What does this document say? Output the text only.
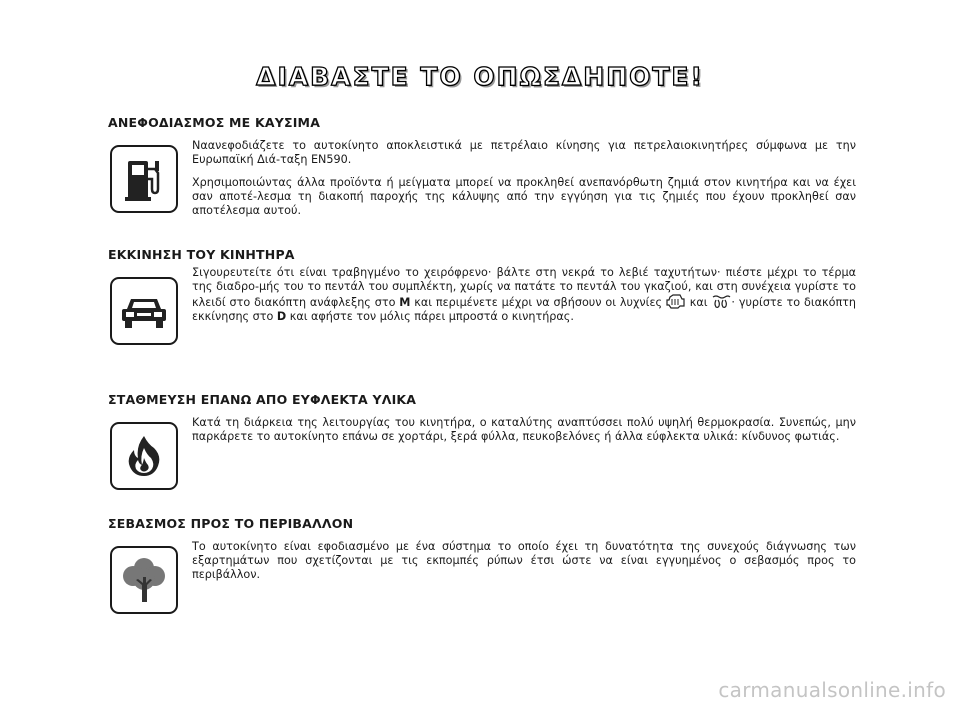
ΔΙΑΒΑΣΤΕ ΤΟ ΟΠΩΣΔΗΠΟΤΕ!
ΑΝΕΦΟΔΙΑΣΜΟΣ ΜΕ ΚΑΥΣΙΜΑ

Ναανεφοδιάζετε το αυτοκίνητο αποκλειστικά με πετρέλαιο κίνησης για πετρελαιοκινητήρες σύμφωνα με την Ευρωπαϊκή Διά-ταξη EN590.

Χρησιμοποιώντας άλλα προϊόντα ή μείγματα μπορεί να προκληθεί ανεπανόρθωτη ζημιά στον κινητήρα και να έχει σαν αποτέ-λεσμα τη διακοπή παροχής της κάλυψης από την εγγύηση για τις ζημιές που έχουν προκληθεί σαν αποτέλεσμα αυτού.

ΕΚΚΙΝΗΣΗ ΤΟΥ ΚΙΝΗΤΗΡΑ

Σιγουρευτείτε ότι είναι τραβηγμένο το χειρόφρενο· βάλτε στη νεκρά το λεβιέ ταχυτήτων· πιέστε μέχρι το τέρμα της διαδρο-μής του το πεντάλ του συμπλέκτη, χωρίς να πατάτε το πεντάλ του γκαζιού, και στη συνέχεια γυρίστε το κλειδί στο διακόπτη ανάφλεξης στο M και περιμένετε μέχρι να σβήσουν οι λυχνίες  και · γυρίστε το διακόπτη εκκίνησης στο D και αφήστε τον μόλις πάρει μπροστά ο κινητήρας.

ΣΤΑΘΜΕΥΣΗ ΕΠΑΝΩ ΑΠΟ ΕΥΦΛΕΚΤΑ ΥΛΙΚΑ

Κατά τη διάρκεια της λειτουργίας του κινητήρα, ο καταλύτης αναπτύσσει πολύ υψηλή θερμοκρασία. Συνεπώς, μην παρκάρετε το αυτοκίνητο επάνω σε χορτάρι, ξερά φύλλα, πευκοβελόνες ή άλλα εύφλεκτα υλικά: κίνδυνος φωτιάς.

ΣΕΒΑΣΜΟΣ ΠΡΟΣ ΤΟ ΠΕΡΙΒΑΛΛΟΝ

Το αυτοκίνητο είναι εφοδιασμένο με ένα σύστημα το οποίο έχει τη δυνατότητα της συνεχούς διάγνωσης των εξαρτημάτων που σχετίζονται με τις εκπομπές ρύπων έτσι ώστε να είναι εγγυημένος ο σεβασμός προς το περιβάλλον.

carmanualsonline.info
